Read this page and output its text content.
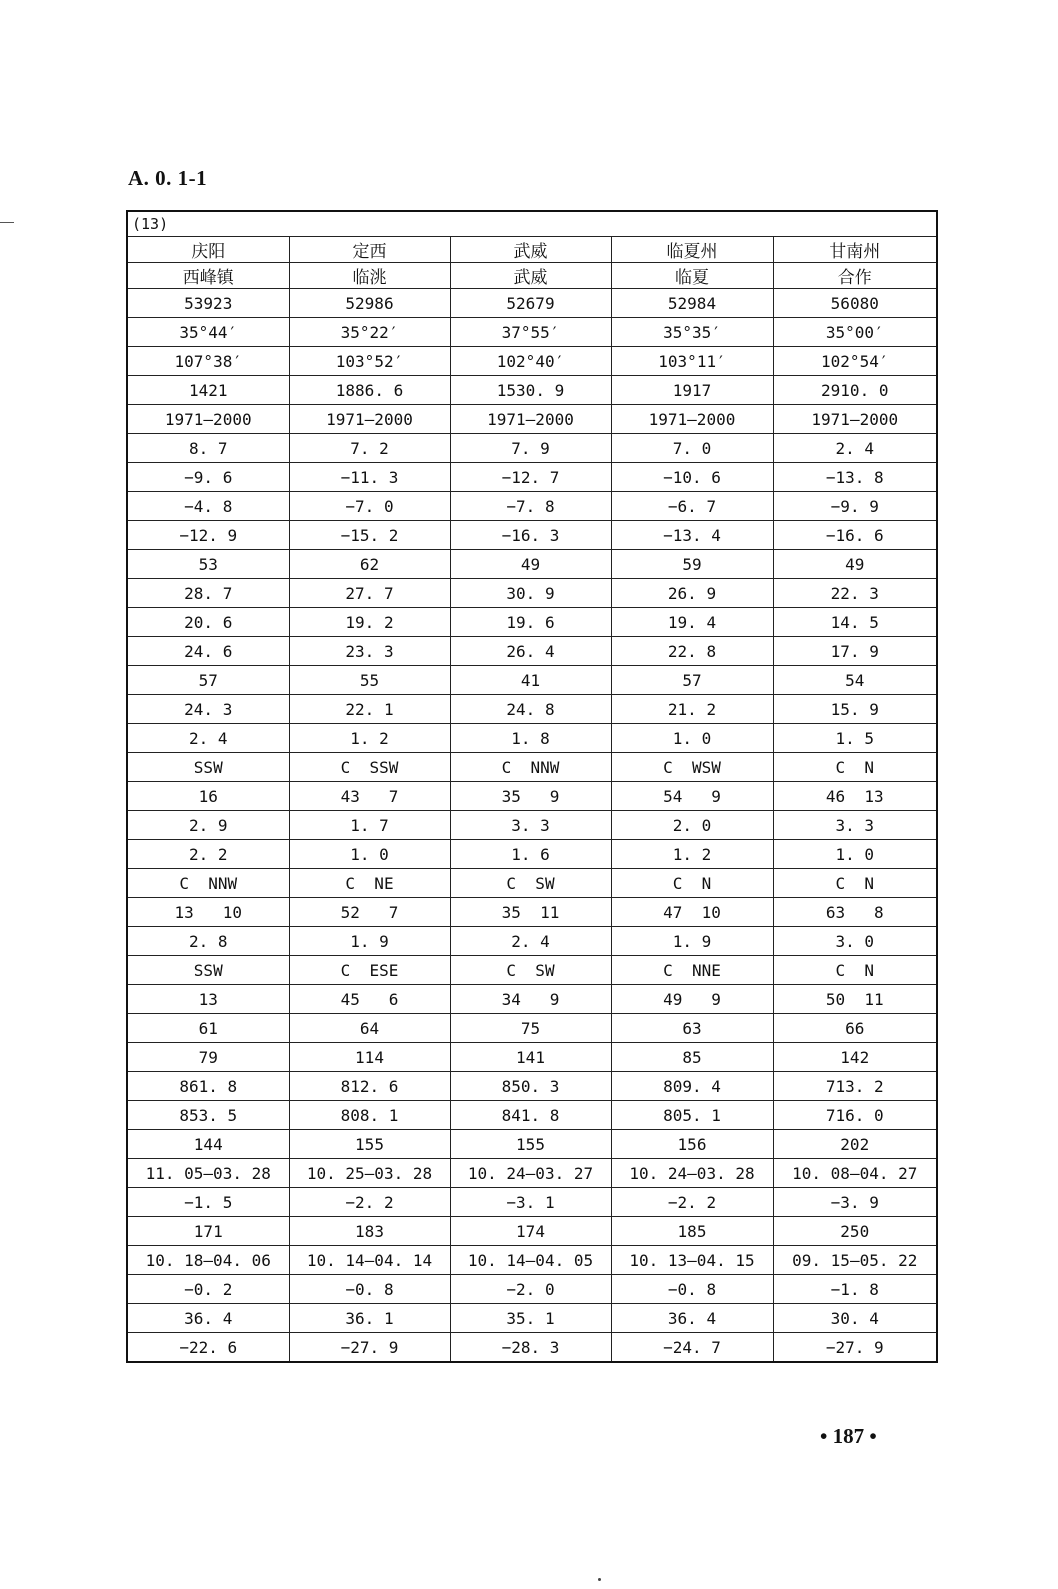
A. 0. 1-1
(13)				
庆阳	定西	武威	临夏州	甘南州
西峰镇	临洮	武威	临夏	合作
53923	52986	52679	52984	56080
35°44′	35°22′	37°55′	35°35′	35°00′
107°38′	103°52′	102°40′	103°11′	102°54′
1421	1886. 6	1530. 9	1917	2910. 0
1971—2000	1971—2000	1971—2000	1971—2000	1971—2000
8. 7	7. 2	7. 9	7. 0	2. 4
−9. 6	−11. 3	−12. 7	−10. 6	−13. 8
−4. 8	−7. 0	−7. 8	−6. 7	−9. 9
−12. 9	−15. 2	−16. 3	−13. 4	−16. 6
53	62	49	59	49
28. 7	27. 7	30. 9	26. 9	22. 3
20. 6	19. 2	19. 6	19. 4	14. 5
24. 6	23. 3	26. 4	22. 8	17. 9
57	55	41	57	54
24. 3	22. 1	24. 8	21. 2	15. 9
2. 4	1. 2	1. 8	1. 0	1. 5
SSW	C  SSW	C  NNW	C  WSW	C  N
16	43   7	35   9	54   9	46  13
2. 9	1. 7	3. 3	2. 0	3. 3
2. 2	1. 0	1. 6	1. 2	1. 0
C  NNW	C  NE	C  SW	C  N	C  N
13   10	52   7	35  11	47  10	63   8
2. 8	1. 9	2. 4	1. 9	3. 0
SSW	C  ESE	C  SW	C  NNE	C  N
13	45   6	34   9	49   9	50  11
61	64	75	63	66
79	114	141	85	142
861. 8	812. 6	850. 3	809. 4	713. 2
853. 5	808. 1	841. 8	805. 1	716. 0
144	155	155	156	202
11. 05—03. 28	10. 25—03. 28	10. 24—03. 27	10. 24—03. 28	10. 08—04. 27
−1. 5	−2. 2	−3. 1	−2. 2	−3. 9
171	183	174	185	250
10. 18—04. 06	10. 14—04. 14	10. 14—04. 05	10. 13—04. 15	09. 15—05. 22
−0. 2	−0. 8	−2. 0	−0. 8	−1. 8
36. 4	36. 1	35. 1	36. 4	30. 4
−22. 6	−27. 9	−28. 3	−24. 7	−27. 9
• 187 •
